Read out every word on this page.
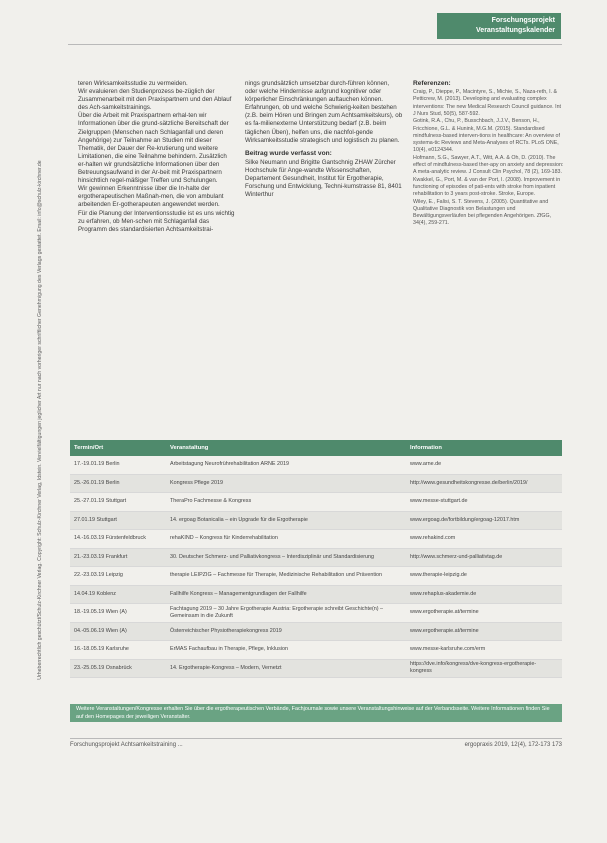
Forschungsprojekt
Veranstaltungskalender
Urheberrechtlich geschützt/Schulz-Kirchner Verlag. Copyright: Schulz-Kirchner Verlag, Idstein. Vervielfältigungen jeglicher Art nur nach vorheriger schriftlicher Genehmigung des Verlags gestattet. Email: info@schulz-kirchner.de

teren Wirksamkeitsstudie zu vermeiden.

Wir evaluieren den Studienprozess be-züglich der Zusammenarbeit mit den Praxispartnern und den Ablauf des Ach-samkeitstrainings.

Über die Arbeit mit Praxispartnern erhal-ten wir Informationen über die grund-sätzliche Bereitschaft der Zielgruppen (Menschen nach Schlaganfall und deren Angehörige) zur Teilnahme an Studien mit dieser Thematik, der Dauer der Re-krutierung und weitere Limitationen, die eine Teilnahme behindern. Zusätzlich er-halten wir grundsätzliche Informationen über den Betreuungsaufwand in der Ar-beit mit Praxispartnern hinsichtlich regel-mäßiger Treffen und Schulungen.

Wir gewinnen Erkenntnisse über die In-halte der ergotherapeutischen Maßnah-men, die von ambulant arbeitenden Er-gotherapeuten angewendet werden.

Für die Planung der Interventionsstudie ist es uns wichtig zu erfahren, ob Men-schen mit Schlaganfall das Programm des standardisierten Achtsamkeitstrai-

nings grundsätzlich umsetzbar durch-führen können, oder welche Hindernisse aufgrund kognitiver oder körperlicher Einschränkungen auftauchen können. Erfahrungen, ob und welche Schwierig-keiten bestehen (z.B. beim Hören und Bringen zum Achtsamkeitskurs), ob es fa-milienexterne Unterstützung bedarf (z.B. beim täglichen Üben), helfen uns, die nachfol-gende Wirksamkeitsstudie strategisch und logistisch zu planen.

Beitrag wurde verfasst von:

Silke Neumann und Brigitte Gantschnig ZHAW Zürcher Hochschule für Ange-wandte Wissenschaften, Departement Gesundheit, Institut für Ergotherapie, Forschung und Entwicklung, Techni-kumstrasse 81, 8401 Winterthur

Referenzen:

Craig, P., Dieppe, P., Macintyre, S., Michie, S., Naza-reth, I. & Petticrew, M. (2013). Developing and evaluating complex interventions: The new Medical Research Council guidance. Int J Nurs Stud, 50(5), 587-592.

Gotink, R.A., Chu, P., Busschbach, J.J.V., Benson, H., Fricchione, G.L. & Hunink, M.G.M. (2015). Standardised mindfulness-based interven-tions in healthcare: An overview of systema-tic Reviews and Meta-Analyses of RCTs. PLoS ONE, 10(4), e0124344.

Hofmann, S.G., Sawyer, A.T., Witt, A.A. & Oh, D. (2010). The effect of mindfulness-based ther-apy on anxiety and depression: A meta-analytic review. J Consult Clin Psychol, 78 (2), 169-183.

Kwakkel, G., Port, M. & van der Port, I. (2008). Improvement in functioning of episodes of pati-ents with stroke from inpatient rehabilitation to 3 years post-stroke. Stroke, Europe.

Wiley, E., Falisi, S. T. Stevens, J. (2005). Quantitative and Qualitative Diagnostik von Belastungen und Bewältigungsverläufen bei pflegenden Angehörigen. ZfGG, 34(4), 259-271.

Termin/Ort	Veranstaltung	Information
17.-19.01.19 Berlin	Arbeitstagung Neurofrührehabilitation ARNE 2019	www.arne.de
25.-26.01.19 Berlin	Kongress Pflege 2019	http://www.gesundheitskongresse.de/berlin/2019/
25.-27.01.19 Stuttgart	TheraPro Fachmesse & Kongress	www.messe-stuttgart.de
27.01.19 Stuttgart	14. ergoag Botanicalia – ein Upgrade für die Ergotherapie	www.ergoag.de/fortbildung/ergoag-12017.htm
14.-16.03.19 Fürstenfeldbruck	rehaKIND – Kongress für Kinderrehabilitation	www.rehakind.com
21.-23.03.19 Frankfurt	30. Deutscher Schmerz- und Palliativkongress – Interdisziplinär und Standardisierung	http://www.schmerz-und-palliativtag.de
22.-23.03.19 Leipzig	therapie LEIPZIG – Fachmesse für Therapie, Medizinische Rehabilitation und Prävention	www.therapie-leipzig.de
14.04.19 Koblenz	Fallhilfe Kongress – Managementgrundlagen der Fallhilfe	www.rehaplus-akademie.de
18.-19.05.19 Wien (A)	Fachtagung 2019 – 30 Jahre Ergotherapie Austria: Ergotherapie schreibt Geschichte(n) – Gemeinsam in die Zukunft	www.ergotherapie.at/termine
04.-05.06.19 Wien (A)	Österreichischer Physiotherapiekongress 2019	www.ergotherapie.at/termine
16.-18.05.19 Karlsruhe	ErMAS Fachaufbau in Therapie, Pflege, Inklusion	www.messe-karlsruhe.com/erm
23.-25.05.19 Osnabrück	14. Ergotherapie-Kongress – Modern, Vernetzt	https://dve.info/kongress/dve-kongress-ergotherapie-kongress
Weitere Veranstaltungen/Kongresse erhalten Sie über die ergotherapeutischen Verbände, Fachjournale sowie unsere Veranstaltungshinweise auf der Verbandsseite. Weitere Informationen finden Sie auf den Homepages der jeweiligen Veranstalter.
Forschungsprojekt Achtsamkeitstraining ...	ergopraxis 2019, 12(4), 172-173 173
